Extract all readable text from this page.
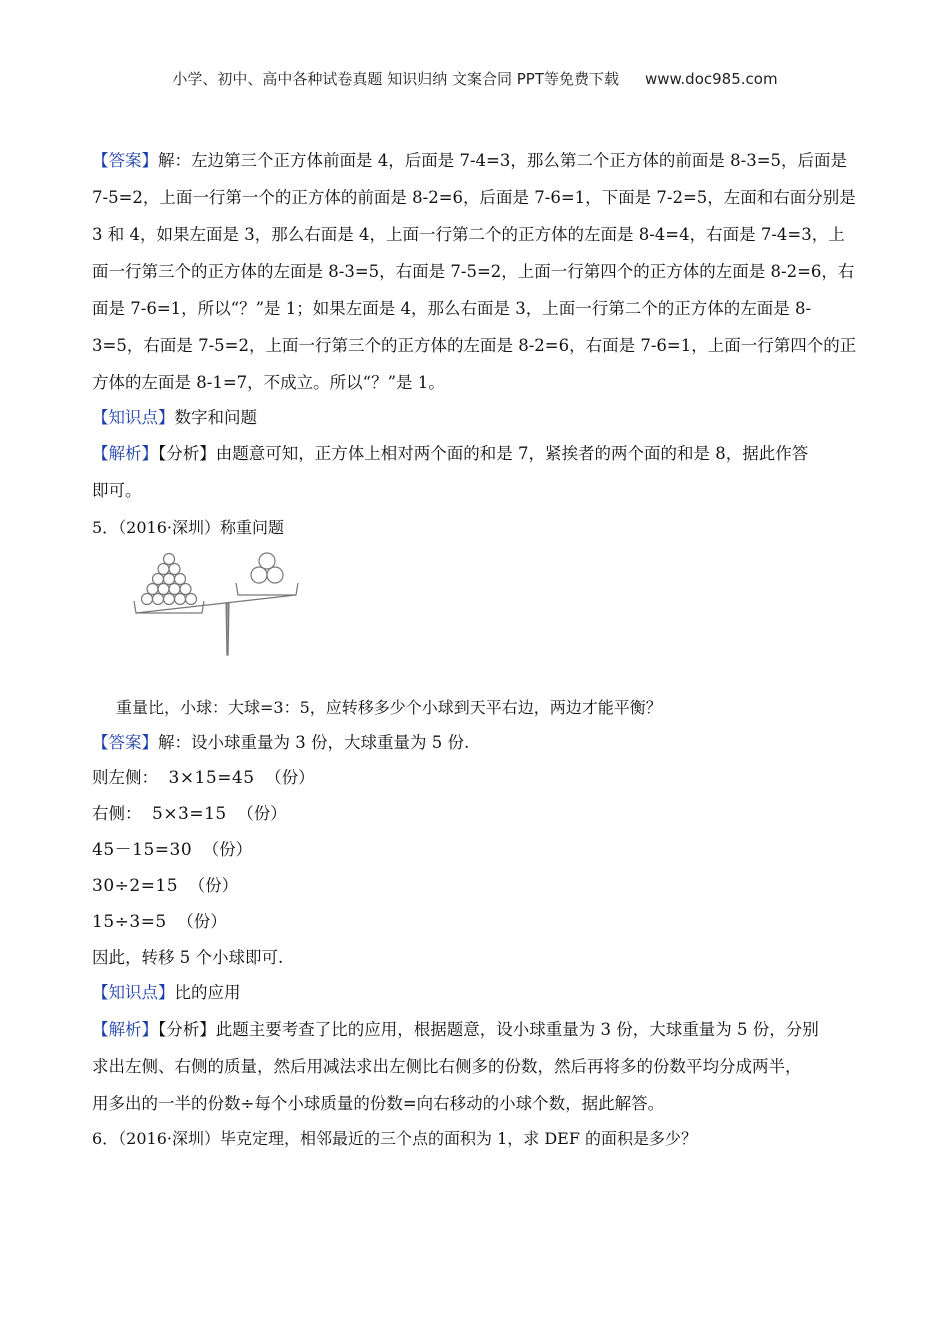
小学、初中、高中各种试卷真题 知识归纳 文案合同 PPT等免费下载 www.doc985.com

【答案】解：左边第三个正方体前面是 4，后面是 7-4=3，那么第二个正方体的前面是 8-3=5，后面是

7-5=2，上面一行第一个的正方体的前面是 8-2=6，后面是 7-6=1，下面是 7-2=5，左面和右面分别是

3 和 4，如果左面是 3，那么右面是 4，上面一行第二个的正方体的左面是 8-4=4，右面是 7-4=3，上

面一行第三个的正方体的左面是 8-3=5，右面是 7-5=2，上面一行第四个的正方体的左面是 8-2=6，右

面是 7-6=1，所以“？”是 1；如果左面是 4，那么右面是 3，上面一行第二个的正方体的左面是 8-

3=5，右面是 7-5=2，上面一行第三个的正方体的左面是 8-2=6，右面是 7-6=1，上面一行第四个的正

方体的左面是 8-1=7，不成立。所以“？”是 1。

【知识点】数字和问题

【解析】【分析】由题意可知，正方体上相对两个面的和是 7，紧挨者的两个面的和是 8，据此作答

即可。

5．（2016·深圳）称重问题

重量比，小球：大球=3：5，应转移多少个小球到天平右边，两边才能平衡？

【答案】解：设小球重量为 3 份，大球重量为 5 份.

则左侧： 3×15=45 （份）

右侧： 5×3=15 （份）

45－15=30 （份）

30÷2=15 （份）

15÷3=5 （份）

因此，转移 5 个小球即可.

【知识点】比的应用

【解析】【分析】此题主要考查了比的应用，根据题意，设小球重量为 3 份，大球重量为 5 份，分别

求出左侧、右侧的质量，然后用减法求出左侧比右侧多的份数，然后再将多的份数平均分成两半，

用多出的一半的份数÷每个小球质量的份数=向右移动的小球个数，据此解答。

6．（2016·深圳）毕克定理，相邻最近的三个点的面积为 1，求 DEF 的面积是多少？
